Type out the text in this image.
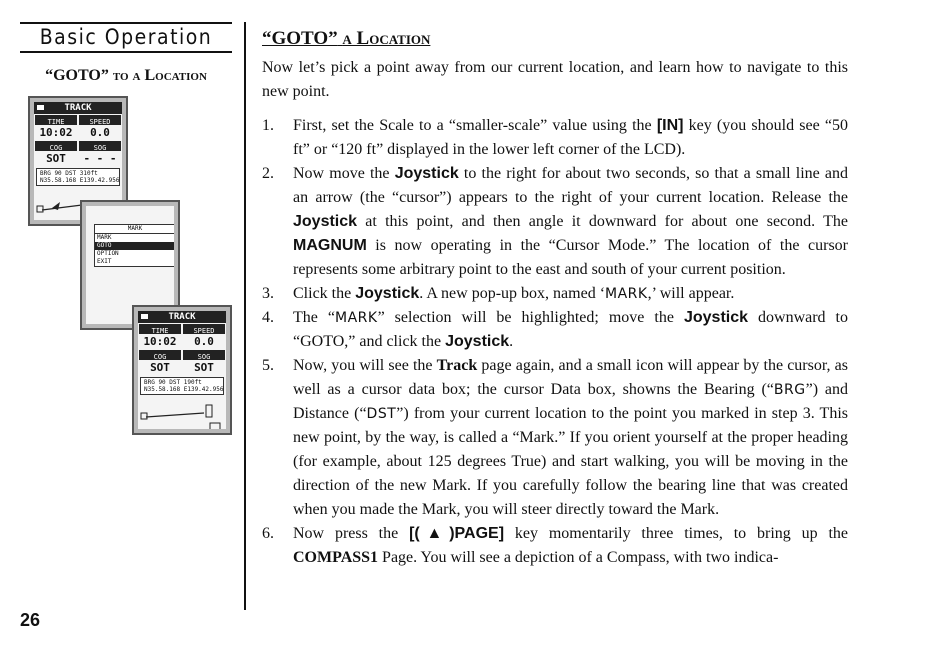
Basic Operation
“GOTO” to a Location
TRACK
TIME	SPEED
10:02	0.0
COG	SOG
SOT	- - -
BRG 90 DST 310ft
N35.58.168 E139.42.956
MARK
MARK
GOTO
OPTION
EXIT
TRACK
TIME	SPEED
10:02	0.0
COG	SOG
SOT	SOT
BRG 90 DST 190ft
N35.58.168 E139.42.956
26
“GOTO” a Location

Now let’s pick a point away from our current location, and learn how to navigate to this new point.

1. First, set the Scale to a “smaller-scale” value using the [IN] key (you should see “50 ft” or “120 ft” displayed in the lower left corner of the LCD).
2. Now move the Joystick to the right for about two seconds, so that a small line and an arrow (the “cursor”) appears to the right of your current location. Release the Joystick at this point, and then angle it downward for about one second. The MAGNUM is now operating in the “Cursor Mode.” The location of the cursor represents some arbitrary point to the east and south of your current position.
3. Click the Joystick. A new pop-up box, named ‘MARK,’ will appear.
4. The “MARK” selection will be highlighted; move the Joystick downward to “GOTO,” and click the Joystick.
5. Now, you will see the Track page again, and a small icon will appear by the cursor, as well as a cursor data box; the cursor Data box, showns the Bearing (“BRG”) and Distance (“DST”) from your current location to the point you marked in step 3. This new point, by the way, is called a “Mark.” If you orient yourself at the proper heading (for example, about 125 degrees True) and start walking, you will be moving in the direction of the new Mark. If you carefully follow the bearing line that was created when you made the Mark, you will steer directly toward the Mark.
6. Now press the [(▲)PAGE] key momentarily three times, to bring up the COMPASS1 Page. You will see a depiction of a Compass, with two indica-
